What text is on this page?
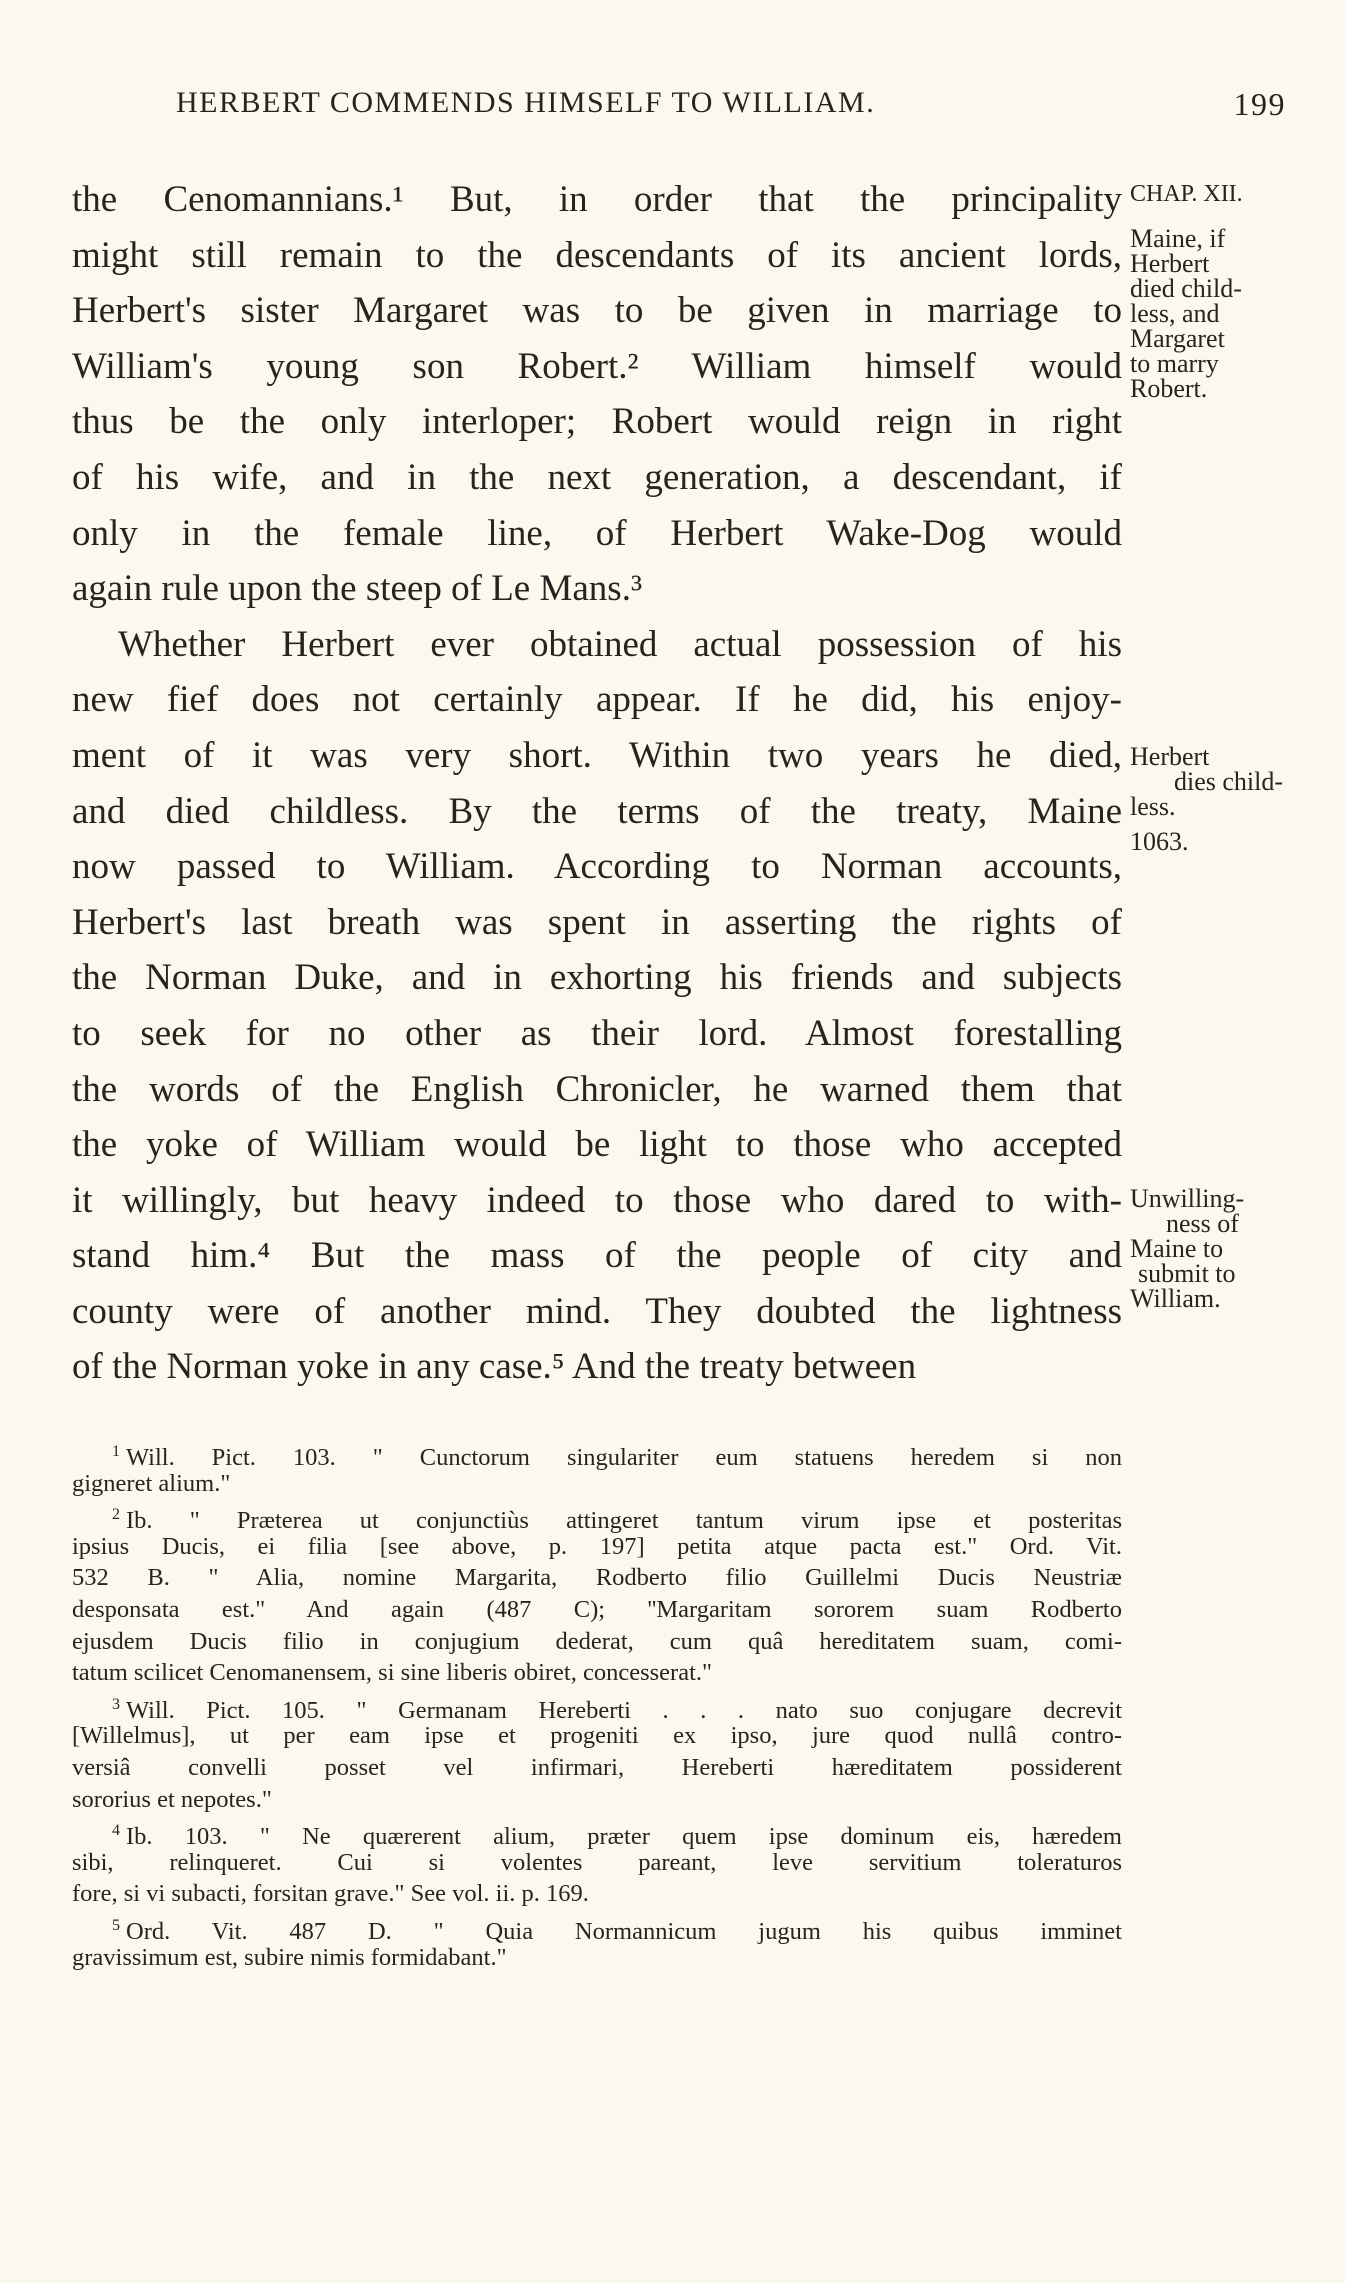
HERBERT COMMENDS HIMSELF TO WILLIAM.	199
the Cenomannians.¹ But, in order that the principality
might still remain to the descendants of its ancient lords,
Herbert's sister Margaret was to be given in marriage to
William's young son Robert.² William himself would
thus be the only interloper; Robert would reign in right
of his wife, and in the next generation, a descendant, if
only in the female line, of Herbert Wake-Dog would
again rule upon the steep of Le Mans.³
Whether Herbert ever obtained actual possession of his
new fief does not certainly appear. If he did, his enjoy-
ment of it was very short. Within two years he died,
and died childless. By the terms of the treaty, Maine
now passed to William. According to Norman accounts,
Herbert's last breath was spent in asserting the rights of
the Norman Duke, and in exhorting his friends and subjects
to seek for no other as their lord. Almost forestalling
the words of the English Chronicler, he warned them that
the yoke of William would be light to those who accepted
it willingly, but heavy indeed to those who dared to with-
stand him.⁴ But the mass of the people of city and
county were of another mind. They doubted the lightness
of the Norman yoke in any case.⁵ And the treaty between
CHAP. XII.
Maine, if
Herbert
died child-
less, and
Margaret
to marry
Robert.
Herbert
dies child-
less.
1063.
Unwilling-
ness of
Maine to
submit to
William.
$^1$ Will. Pict. 103. " Cunctorum singulariter eum statuens heredem si non
gigneret alium."
$^2$ Ib. " Præterea ut conjunctiùs attingeret tantum virum ipse et posteritas
ipsius Ducis, ei filia [see above, p. 197] petita atque pacta est." Ord. Vit.
532 B. " Alia, nomine Margarita, Rodberto filio Guillelmi Ducis Neustriæ
desponsata est." And again (487 C); ''Margaritam sororem suam Rodberto
ejusdem Ducis filio in conjugium dederat, cum quâ hereditatem suam, comi-
tatum scilicet Cenomanensem, si sine liberis obiret, concesserat."
$^3$ Will. Pict. 105. " Germanam Hereberti . . . nato suo conjugare decrevit
[Willelmus], ut per eam ipse et progeniti ex ipso, jure quod nullâ contro-
versiâ convelli posset vel infirmari, Hereberti hæreditatem possiderent
sororius et nepotes."
$^4$ Ib. 103. " Ne quærerent alium, præter quem ipse dominum eis, hæredem
sibi, relinqueret. Cui si volentes pareant, leve servitium toleraturos
fore, si vi subacti, forsitan grave." See vol. ii. p. 169.
$^5$ Ord. Vit. 487 D. " Quia Normannicum jugum his quibus imminet
gravissimum est, subire nimis formidabant."
